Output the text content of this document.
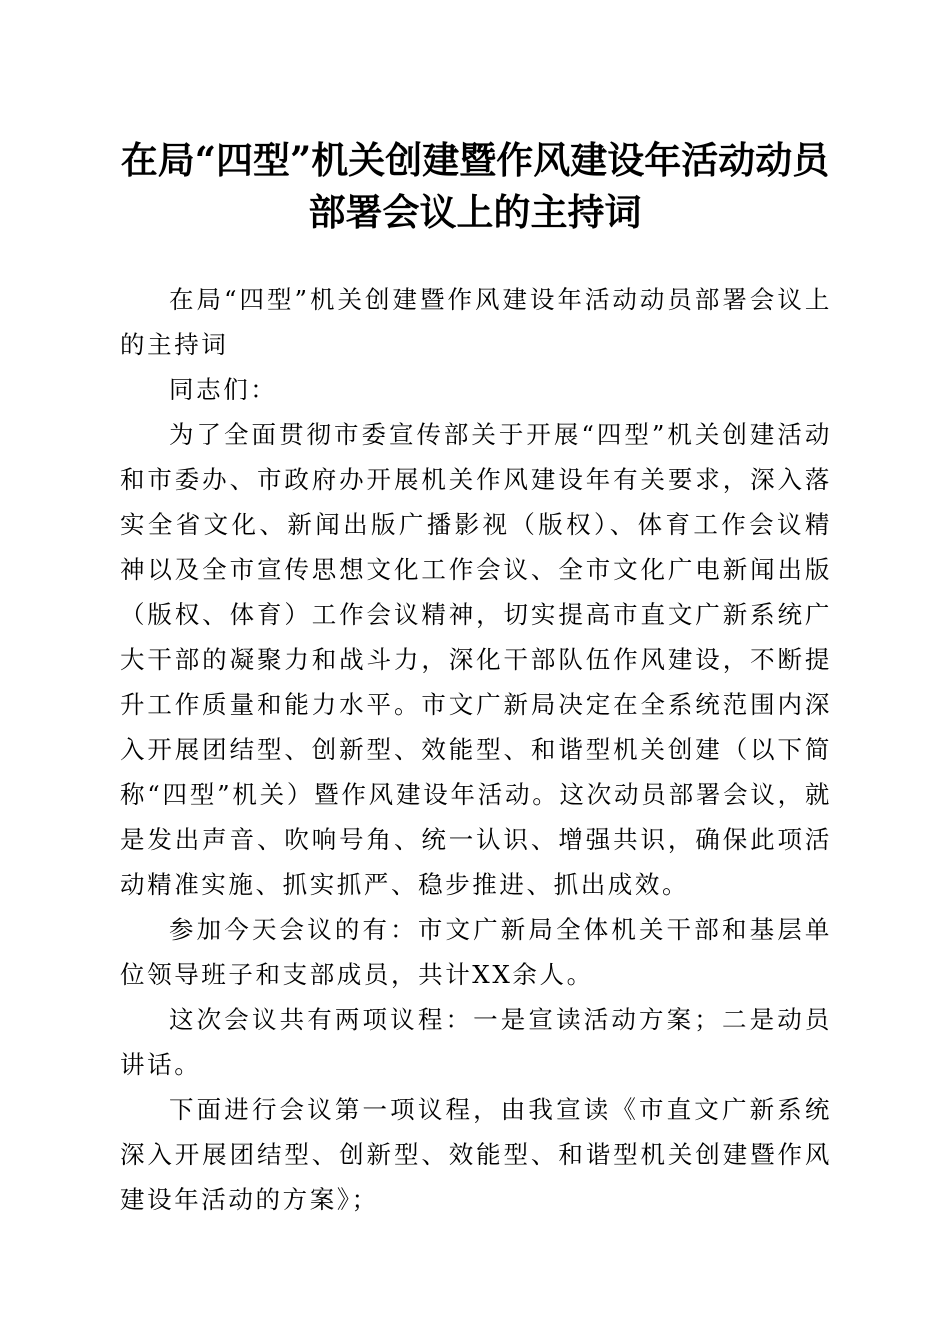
在局“四型”机关创建暨作风建设年活动动员
部署会议上的主持词

在局“四型”机关创建暨作风建设年活动动员部署会议上的主持词

同志们：

为了全面贯彻市委宣传部关于开展“四型”机关创建活动和市委办、市政府办开展机关作风建设年有关要求，深入落实全省文化、新闻出版广播影视（版权）、体育工作会议精神以及全市宣传思想文化工作会议、全市文化广电新闻出版（版权、体育）工作会议精神，切实提高市直文广新系统广大干部的凝聚力和战斗力，深化干部队伍作风建设，不断提升工作质量和能力水平。市文广新局决定在全系统范围内深入开展团结型、创新型、效能型、和谐型机关创建（以下简称“四型”机关）暨作风建设年活动。这次动员部署会议，就是发出声音、吹响号角、统一认识、增强共识，确保此项活动精准实施、抓实抓严、稳步推进、抓出成效。

参加今天会议的有：市文广新局全体机关干部和基层单位领导班子和支部成员，共计XX余人。

这次会议共有两项议程：一是宣读活动方案；二是动员讲话。

下面进行会议第一项议程，由我宣读《市直文广新系统深入开展团结型、创新型、效能型、和谐型机关创建暨作风建设年活动的方案》；
